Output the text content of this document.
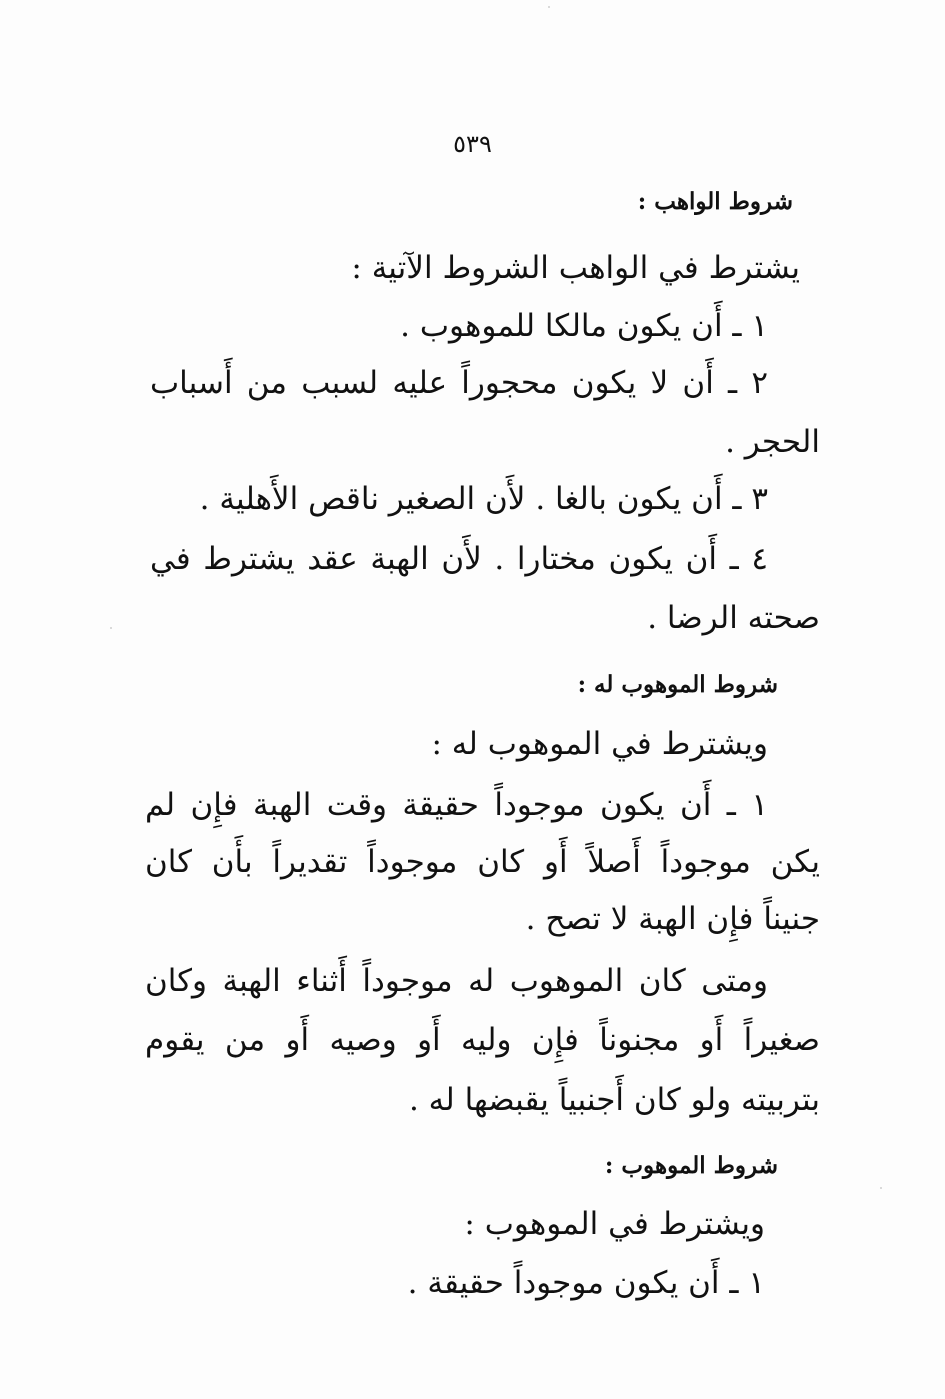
٥٣٩
شروط الواهب :
يشترط في الواهب الشروط الآتية :
١ ـ أَن يكون مالكا للموهوب .
٢ ـ أَن لا يكون محجوراً عليه لسبب من أَسباب
الحجر .
٣ ـ أَن يكون بالغا . لأَن الصغير ناقص الأَهلية .
٤ ـ أَن يكون مختارا . لأَن الهبة عقد يشترط في
صحته الرضا .
شروط الموهوب له :
ويشترط في الموهوب له :
١ ـ أَن يكون موجوداً حقيقة وقت الهبة فإِن لم
يكن موجوداً أَصلاً أَو كان موجوداً تقديراً بأَن كان
جنيناً فإِن الهبة لا تصح .
ومتى كان الموهوب له موجوداً أَثناء الهبة وكان
صغيراً أَو مجنوناً فإِن وليه أَو وصيه أَو من يقوم
بتربيته ولو كان أَجنبياً يقبضها له .
شروط الموهوب :
ويشترط في الموهوب :
١ ـ أَن يكون موجوداً حقيقة .
